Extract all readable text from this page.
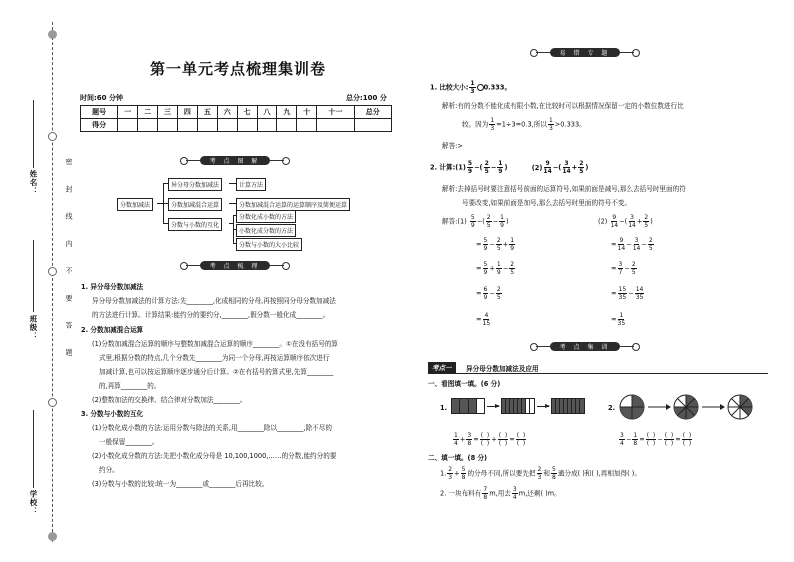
姓名：
班级：
学校：
密 封 线 内 不 要 答 题
第一单元考点梳理集训卷
时间:60 分钟	总分:100 分
题号	一	二	三	四	五	六	七	八	九	十	十一	总分
得分												
考 点 图 解
分数加减法
异分母分数加减法	计算方法
分数加减混合运算	分数加减混合运算的运算顺序及简便运算
分数与小数的互化
分数化成小数的方法
小数化成分数的方法
分数与小数的大小比较
考 点 梳 理
1. 异分母分数加减法
异分母分数加减法的计算方法:先________,化成相同的分母,再按照同分母分数加减法
的方法进行计算。计算结果:能约分的要约分,________,假分数一般化成________。
2. 分数加减混合运算
(1)分数加减混合运算的顺序与整数加减混合运算的顺序________。①在没有括号的算
式里,根据分数的特点,几个分数先________为同一个分母,再按运算顺序依次进行
加减计算,也可以按运算顺序逐步通分后计算。②在有括号的算式里,先算________
的,再算________的。
(2)整数加法的交换律、结合律对分数加法________。
3. 分数与小数的互化
(1)分数化成小数的方法:运用分数与除法的关系,用________除以________,除不尽的
一般保留________。
(2)小数化成分数的方法:先把小数化成分母是 10,100,1000,……的分数,能约分的要
约分。
(3)分数与小数的比较:统一为________或________后再比较。
易 错 专 题
1. 比较大小: $\frac{1}{3} 0.333$。
解析:有的分数不能化成有限小数,在比较时可以根据情况保留一定的小数位数进行比
较。因为 $\frac{1}{3}$ =1÷3=0.3̇,所以 $\frac{1}{3} >0.333$。
解答:>
2. 计算:(1) $\frac{5}{9}$ −( $\frac{2}{5} - \frac{1}{9}$ )	$(2) \frac{9}{14}$ −( $\frac{3}{14} + \frac{2}{5}$ )
解析:去掉括号时要注意括号前面的运算符号,如果前面是减号,那么去括号时里面的符
号要改变,如果前面是加号,那么去括号时里面的符号不变。
解答:(1) $\frac{5}{9}$ −( $\frac{2}{5} - \frac{1}{9}$ )
= $\frac{5}{9} - \frac{2}{5} + \frac{1}{9}$
= $\frac{5}{9} + \frac{1}{9} - \frac{2}{5}$
= $\frac{6}{9} - \frac{2}{5}$
= $\frac{4}{15}$
$(2) \frac{9}{14}$ −( $\frac{3}{14} + \frac{2}{5}$ )
= $\frac{9}{14} - \frac{3}{14} - \frac{2}{5}$
= $\frac{3}{7} - \frac{2}{5}$
= $\frac{15}{35} - \frac{14}{35}$
= $\frac{1}{35}$
考 点 集 训
考点一	异分母分数加减法及应用
一、看图填一填。(6 分)
1.
$\frac{1}{4} + \frac{3}{8} = \frac{( )}{( )} + \frac{( )}{( )} = \frac{( )}{( )}$
2.
$\frac{3}{4} - \frac{1}{8} = \frac{( )}{( )} - \frac{( )}{( )} = \frac{( )}{( )}$
二、填一填。(8 分)
1. $\frac{2}{3} + \frac{5}{8}$ 的分母不同,所以要先把 $\frac{2}{3}$ 和 $\frac{5}{8}$ 通分成( )和( ),再相加得( )。
2. 一块布料有 $\frac{7}{8} m$,用去 $\frac{3}{4} m$,还剩( )m。
